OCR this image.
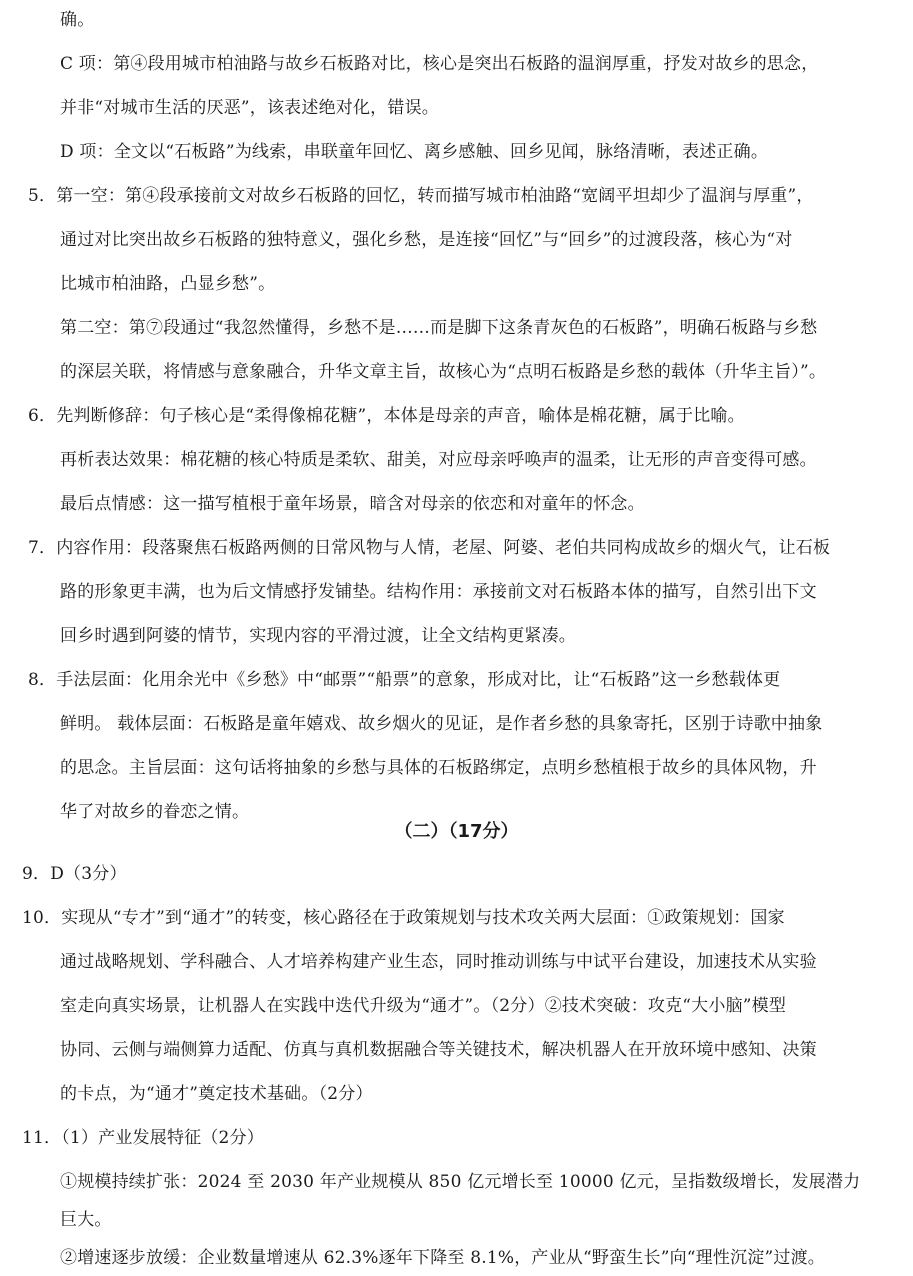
确。
C 项：第④段用城市柏油路与故乡石板路对比，核心是突出石板路的温润厚重，抒发对故乡的思念，
并非“对城市生活的厌恶”，该表述绝对化，错误。
D 项：全文以“石板路”为线索，串联童年回忆、离乡感触、回乡见闻，脉络清晰，表述正确。
5．第一空：第④段承接前文对故乡石板路的回忆，转而描写城市柏油路“宽阔平坦却少了温润与厚重”，
通过对比突出故乡石板路的独特意义，强化乡愁，是连接“回忆”与“回乡”的过渡段落，核心为“对
比城市柏油路，凸显乡愁”。
第二空：第⑦段通过“我忽然懂得，乡愁不是……而是脚下这条青灰色的石板路”，明确石板路与乡愁
的深层关联，将情感与意象融合，升华文章主旨，故核心为“点明石板路是乡愁的载体（升华主旨）”。
6．先判断修辞：句子核心是“柔得像棉花糖”，本体是母亲的声音，喻体是棉花糖，属于比喻。
再析表达效果：棉花糖的核心特质是柔软、甜美，对应母亲呼唤声的温柔，让无形的声音变得可感。
最后点情感：这一描写植根于童年场景，暗含对母亲的依恋和对童年的怀念。
7．内容作用：段落聚焦石板路两侧的日常风物与人情，老屋、阿婆、老伯共同构成故乡的烟火气，让石板
路的形象更丰满，也为后文情感抒发铺垫。结构作用：承接前文对石板路本体的描写，自然引出下文
回乡时遇到阿婆的情节，实现内容的平滑过渡，让全文结构更紧凑。
8．手法层面：化用余光中《乡愁》中“邮票”“船票”的意象，形成对比，让“石板路”这一乡愁载体更
鲜明。 载体层面：石板路是童年嬉戏、故乡烟火的见证，是作者乡愁的具象寄托，区别于诗歌中抽象
的思念。主旨层面：这句话将抽象的乡愁与具体的石板路绑定，点明乡愁植根于故乡的具体风物，升
华了对故乡的眷恋之情。
（二）（17分）
9．D（3分）
10．实现从“专才”到“通才”的转变，核心路径在于政策规划与技术攻关两大层面：①政策规划：国家
通过战略规划、学科融合、人才培养构建产业生态，同时推动训练与中试平台建设，加速技术从实验
室走向真实场景，让机器人在实践中迭代升级为“通才”。（2分）②技术突破：攻克“大小脑”模型
协同、云侧与端侧算力适配、仿真与真机数据融合等关键技术，解决机器人在开放环境中感知、决策
的卡点，为“通才”奠定技术基础。（2分）
11．（1）产业发展特征（2分）
①规模持续扩张：2024 至 2030 年产业规模从 850 亿元增长至 10000 亿元，呈指数级增长，发展潜力
巨大。
②增速逐步放缓：企业数量增速从 62.3%逐年下降至 8.1%，产业从“野蛮生长”向“理性沉淀”过渡。
